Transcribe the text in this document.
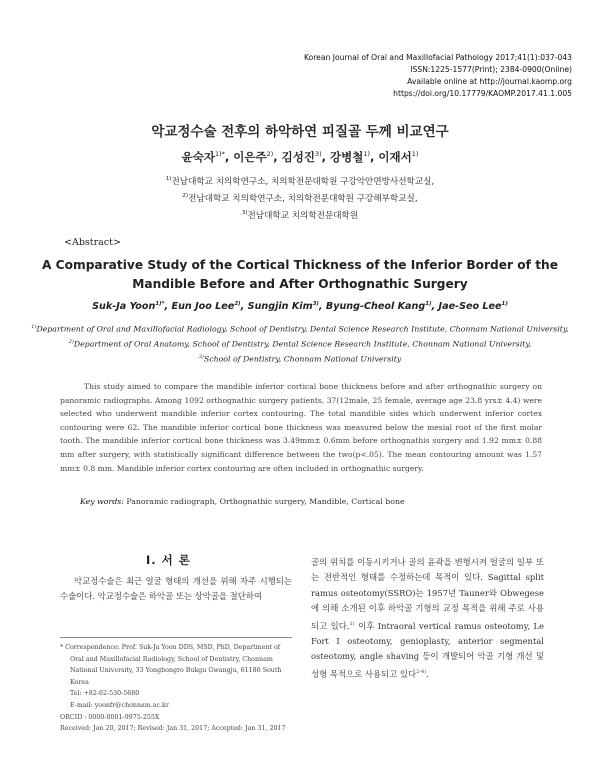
Korean Journal of Oral and Maxillofacial Pathology 2017;41(1):037-043
ISSN:1225-1577(Print); 2384-0900(Online)
Available online at http://journal.kaomp.org
https://doi.org/10.17779/KAOMP.2017.41.1.005
악교정수술 전후의 하악하연 피질골 두께 비교연구
윤숙자$^{1)*}$, 이은주$^{2)}$, 김성진$^{3)}$, 강병철$^{1)}$, 이재서$^{1)}$
$^{1)}$전남대학교 치의학연구소, 치의학전문대학원 구강악안면방사선학교실,
$^{2)}$전남대학교 치의학연구소, 치의학전문대학원 구강해부학교실,
$^{3)}$전남대학교 치의학전문대학원
<Abstract>
A Comparative Study of the Cortical Thickness of the Inferior Border of the
Mandible Before and After Orthognathic Surgery
Suk-Ja Yoon$^{1)*}$, Eun Joo Lee$^{2)}$, Sungjin Kim$^{3)}$, Byung-Cheol Kang$^{1)}$, Jae-Seo Lee$^{1)}$
$^{1)}$Department of Oral and Maxillofacial Radiology, School of Dentistry, Dental Science Research Institute, Chonnam National University,
$^{2)}$Department of Oral Anatomy, School of Dentistry, Dental Science Research Institute, Chonnam National University,
$^{3)}$School of Dentistry, Chonnam National University
This study aimed to compare the mandible inferior cortical bone thickness before and after orthognathic surgery on panoramic radiographs. Among 1092 orthognathic surgery patients, 37(12male, 25 female, average age 23.8 yrs± 4.4) were selected who underwent mandible inferior cortex contouring. The total mandible sides which underwent inferior cortex contouring were 62. The mandible inferior cortical bone thickness was measured below the mesial root of the first molar tooth. The mandible inferior cortical bone thickness was 3.49mm± 0.6mm before orthognathis surgery and 1.92 mm± 0.88 mm after surgery, with statistically significant difference between the two(p<.05). The mean contouring amount was 1.57 mm± 0.8 mm. Mandible inferior cortex contouring are often included in orthognathic surgery.
Key words: Panoramic radiograph, Orthognathic surgery, Mandible, Cortical bone
Ⅰ. 서 론
악교정수술은 최근 얼굴 형태의 개선을 위해 자주 시행되는 수술이다. 악교정수술은 하악골 또는 상악골을 절단하여
골의 위치를 이동시키거나 골의 윤곽을 변형시켜 얼굴의 일부 또는 전반적인 형태를 수정하는데 목적이 있다. Sagittal split ramus osteotomy(SSRO)는 1957년 Tauner와 Obwegese에 의해 소개된 이후 하악골 기형의 교정 목적을 위해 주로 사용되고 있다.$^{1)}$ 이후 Intraoral vertical ramus osteotomy, Le Fort I osteotomy, genioplasty, anterior segmental osteotomy, angle shaving 등이 개발되어 악골 기형 개선 및 성형 목적으로 사용되고 있다$^{2-4)}$.
* Correspondence: Prof. Suk-Ja Yoon DDS, MSD, PhD, Department of
Oral and Maxillofacial Radiology, School of Dentistry, Chonnam
National University, 33 Yongbongro Bukgu Gwangju, 61186 South Korea
Tel: +82-62-530-5680
E-mail: yoonfr@chonnam.ac.kr
ORCID : 0000-0001-9975-255X
Received: Jan 20, 2017; Revised: Jan 31, 2017; Accepted: Jan 31, 2017
